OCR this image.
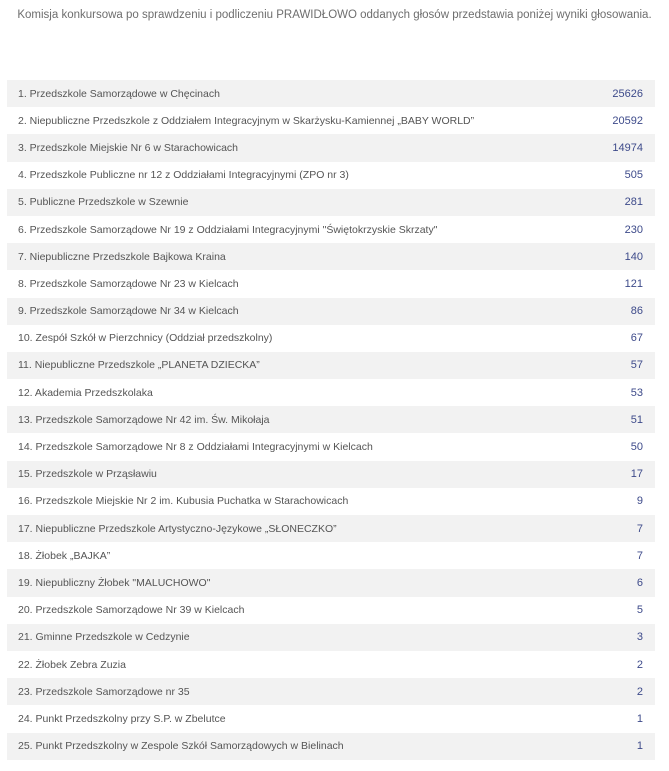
Komisja konkursowa po sprawdzeniu i podliczeniu PRAWIDŁOWO oddanych głosów przedstawia poniżej wyniki głosowania.
1. Przedszkole Samorządowe w Chęcinach	25626
2. Niepubliczne Przedszkole z Oddziałem Integracyjnym w Skarżysku-Kamiennej „BABY WORLD”	20592
3. Przedszkole Miejskie Nr 6 w Starachowicach	14974
4. Przedszkole Publiczne nr 12 z Oddziałami Integracyjnymi (ZPO nr 3)	505
5. Publiczne Przedszkole w Szewnie	281
6. Przedszkole Samorządowe Nr 19 z Oddziałami Integracyjnymi "Świętokrzyskie Skrzaty"	230
7. Niepubliczne Przedszkole Bajkowa Kraina	140
8. Przedszkole Samorządowe Nr 23 w Kielcach	121
9. Przedszkole Samorządowe Nr 34 w Kielcach	86
10. Zespół Szkół w Pierzchnicy (Oddział przedszkolny)	67
11. Niepubliczne Przedszkole „PLANETA DZIECKA”	57
12. Akademia Przedszkolaka	53
13. Przedszkole Samorządowe Nr 42 im. Św. Mikołaja	51
14. Przedszkole Samorządowe Nr 8 z Oddziałami Integracyjnymi w Kielcach	50
15. Przedszkole w Prząsławiu	17
16. Przedszkole Miejskie Nr 2 im. Kubusia Puchatka w Starachowicach	9
17. Niepubliczne Przedszkole Artystyczno-Językowe „SŁONECZKO”	7
18. Żłobek „BAJKA”	7
19. Niepubliczny Żłobek "MALUCHOWO"	6
20. Przedszkole Samorządowe Nr 39 w Kielcach	5
21. Gminne Przedszkole w Cedzynie	3
22. Żłobek Zebra Zuzia	2
23. Przedszkole Samorządowe nr 35	2
24. Punkt Przedszkolny przy S.P. w Zbelutce	1
25. Punkt Przedszkolny w Zespole Szkół Samorządowych w Bielinach	1
